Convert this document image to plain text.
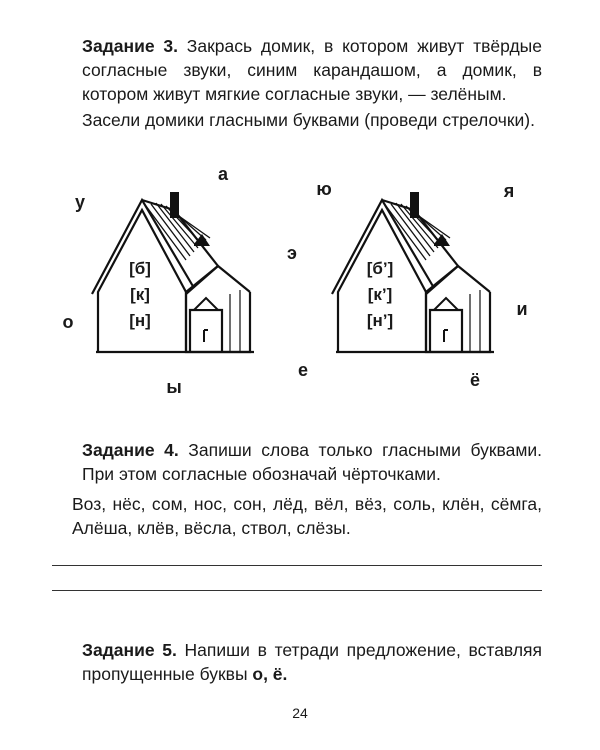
Задание 3. Закрась домик, в котором живут твёрдые согласные звуки, синим карандашом, а домик, в котором живут мягкие согласные звуки, — зелёным.

Засели домики гласными буквами (проведи стрелочки).

у
а
о
ы
ю	я
э
е
и
ё
[б]
[к]
[н]
[б’]
[к’]
[н’]

Задание 4. Запиши слова только гласными буквами. При этом согласные обозначай чёрточками.

Воз, нёс, сом, нос, сон, лёд, вёл, вёз, соль, клён, сёмга, Алёша, клёв, вёсла, ствол, слёзы.

Задание 5. Напиши в тетради предложение, вставляя пропущенные буквы о, ё.

24
